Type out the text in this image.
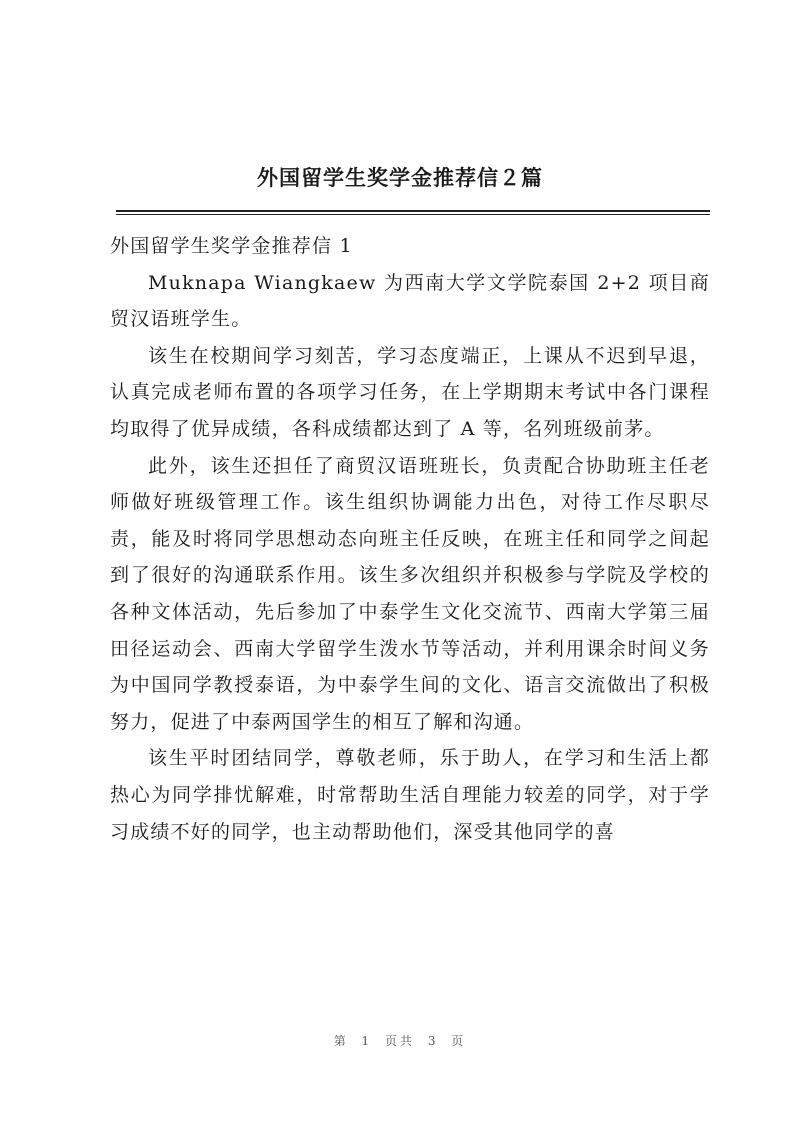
外国留学生奖学金推荐信２篇

外国留学生奖学金推荐信 1

Muknapa Wiangkaew 为西南大学文学院泰国 2+2 项目商贸汉语班学生。

该生在校期间学习刻苦，学习态度端正，上课从不迟到早退，认真完成老师布置的各项学习任务，在上学期期末考试中各门课程均取得了优异成绩，各科成绩都达到了 A 等，名列班级前茅。

此外，该生还担任了商贸汉语班班长，负责配合协助班主任老师做好班级管理工作。该生组织协调能力出色，对待工作尽职尽责，能及时将同学思想动态向班主任反映，在班主任和同学之间起到了很好的沟通联系作用。该生多次组织并积极参与学院及学校的各种文体活动，先后参加了中泰学生文化交流节、西南大学第三届田径运动会、西南大学留学生泼水节等活动，并利用课余时间义务为中国同学教授泰语，为中泰学生间的文化、语言交流做出了积极努力，促进了中泰两国学生的相互了解和沟通。

该生平时团结同学，尊敬老师，乐于助人，在学习和生活上都热心为同学排忧解难，时常帮助生活自理能力较差的同学，对于学习成绩不好的同学，也主动帮助他们，深受其他同学的喜

第 1 页共 3 页
